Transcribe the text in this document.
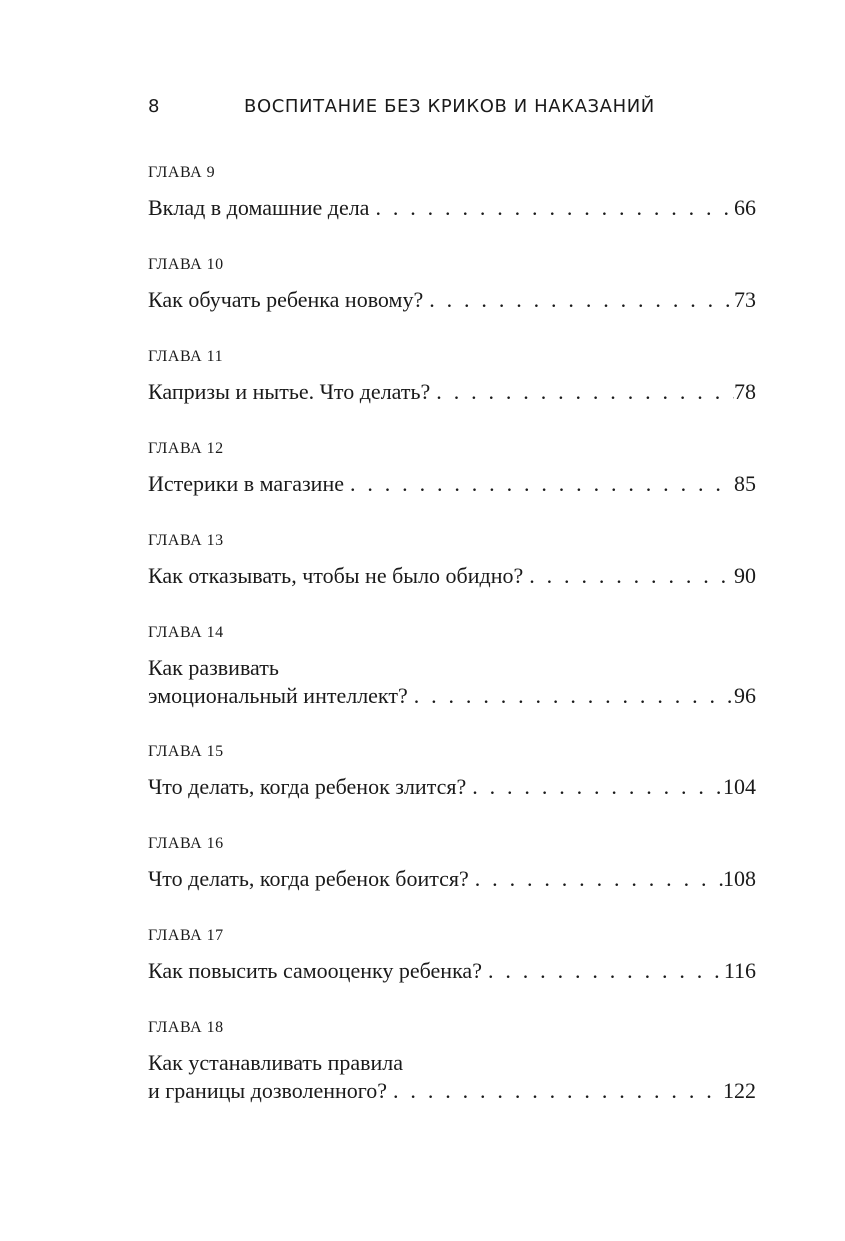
8	ВОСПИТАНИЕ БЕЗ КРИКОВ И НАКАЗАНИЙ
ГЛАВА 9
Вклад в домашние дела . . .	66
ГЛАВА 10
Как обучать ребенка новому? . . .	73
ГЛАВА 11
Капризы и нытье. Что делать? . . .	78
ГЛАВА 12
Истерики в магазине . . .	85
ГЛАВА 13
Как отказывать, чтобы не было обидно? . . .	90
ГЛАВА 14
Как развивать
эмоциональный интеллект? . . .	96
ГЛАВА 15
Что делать, когда ребенок злится? . . .	104
ГЛАВА 16
Что делать, когда ребенок боится? . . .	108
ГЛАВА 17
Как повысить самооценку ребенка? . . .	116
ГЛАВА 18
Как устанавливать правила
и границы дозволенного? . . .	122
